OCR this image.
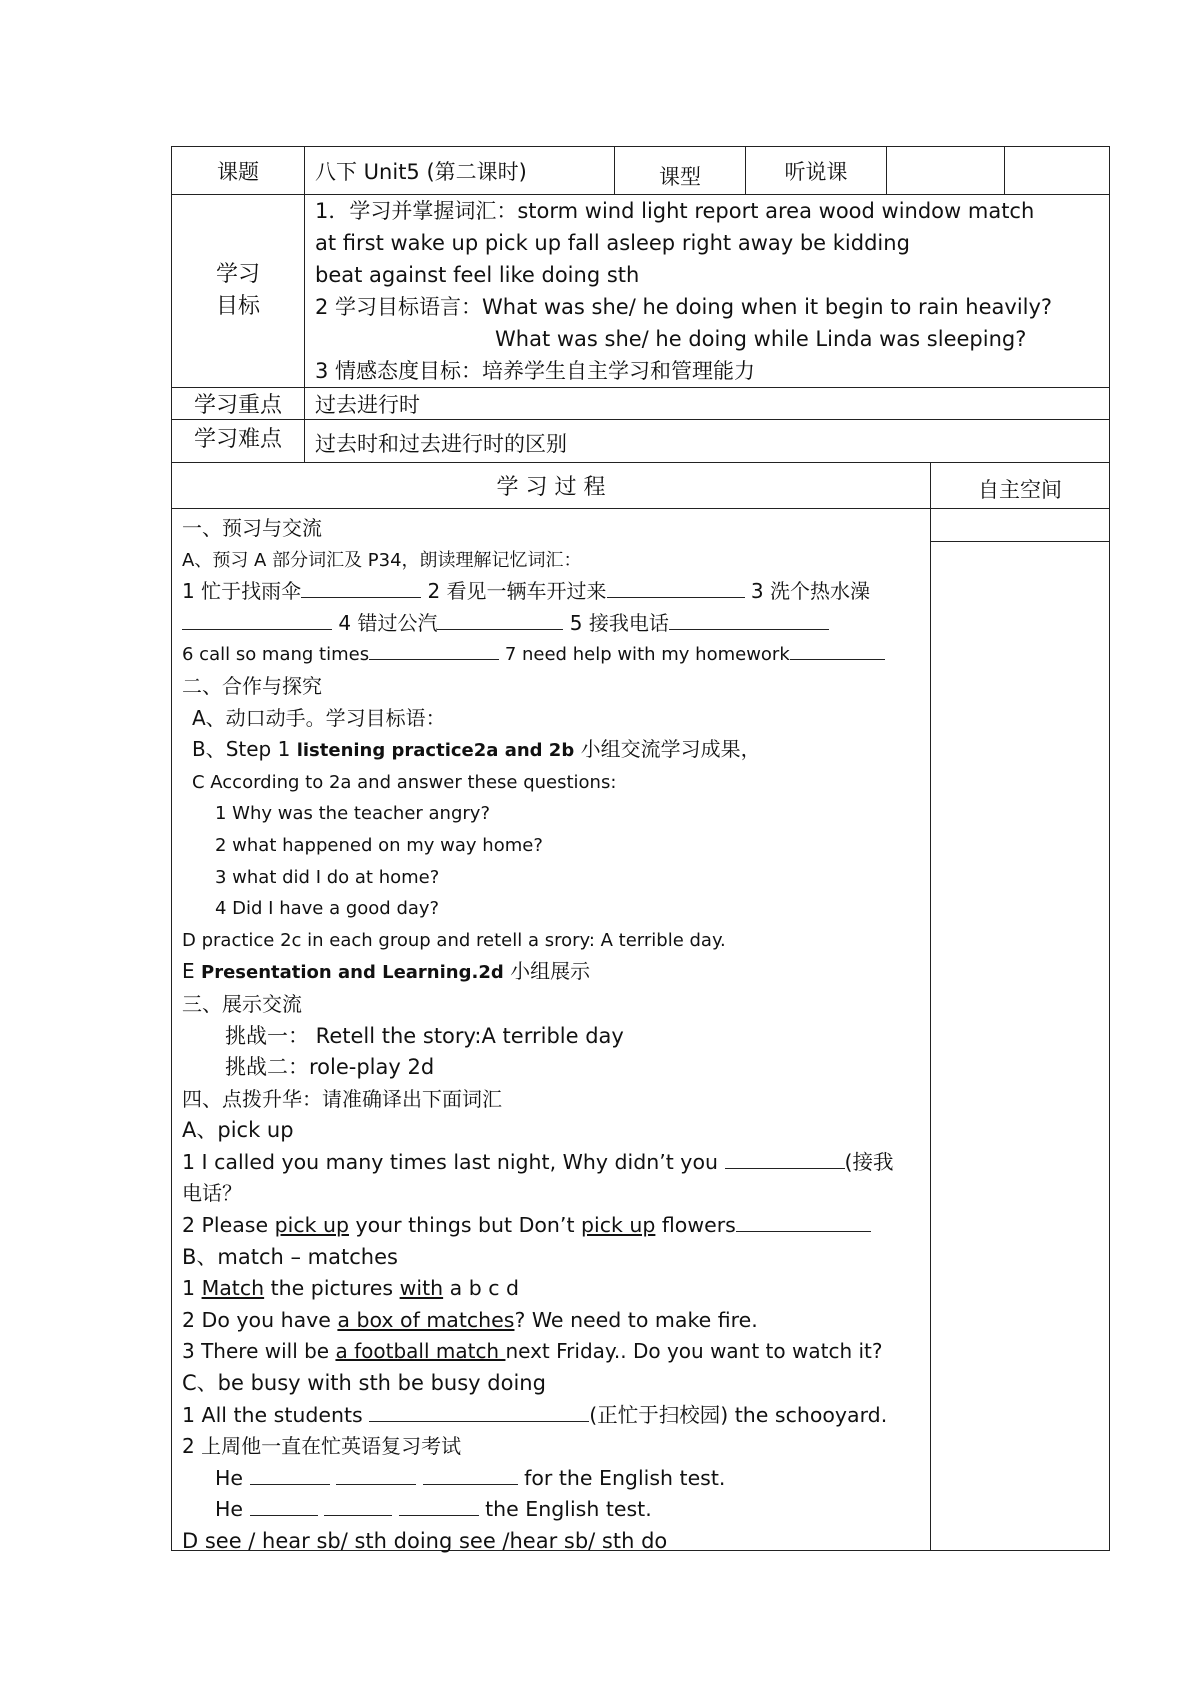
课题	八下 Unit5 (第二课时)	课型	听说课
学习
目标
1．学习并掌握词汇：storm wind light report area wood window match
at first wake up pick up fall asleep right away be kidding
beat against feel like doing sth
2 学习目标语言：What was she/ he doing when it begin to rain heavily?
What was she/ he doing while Linda was sleeping?
3 情感态度目标：培养学生自主学习和管理能力
学习重点	过去进行时
学习难点	过去时和过去进行时的区别
学 习 过 程	自主空间
一、预习与交流
A、预习 A 部分词汇及 P34，朗读理解记忆词汇：
1 忙于找雨伞	2 看见一辆车开过来	3 洗个热水澡
4 错过公汽	5 接我电话
6 call so mang times	7 need help with my homework
二、合作与探究
A、动口动手。学习目标语：
B、Step 1 listening practice2a and 2b 小组交流学习成果，
C According to 2a and answer these questions:
1 Why was the teacher angry?
2 what happened on my way home?
3 what did I do at home?
4 Did I have a good day?
D practice 2c in each group and retell a srory: A terrible day.
E Presentation and Learning.2d 小组展示
三、展示交流
挑战一： Retell the story:A terrible day
挑战二：role-play 2d
四、点拨升华：请准确译出下面词汇
A、pick up
1 I called you many times last night, Why didn’t you	(接我
电话？
2 Please pick up your things but Don’t pick up flowers
B、match – matches
1 Match the pictures with a b c d
2 Do you have a box of matches? We need to make fire.
3 There will be a football match next Friday.. Do you want to watch it?
C、be busy with sth be busy doing
1 All the students	(正忙于扫校园) the schooyard.
2 上周他一直在忙英语复习考试
He	for the English test.
He	the English test.
D see / hear sb/ sth doing see /hear sb/ sth do
